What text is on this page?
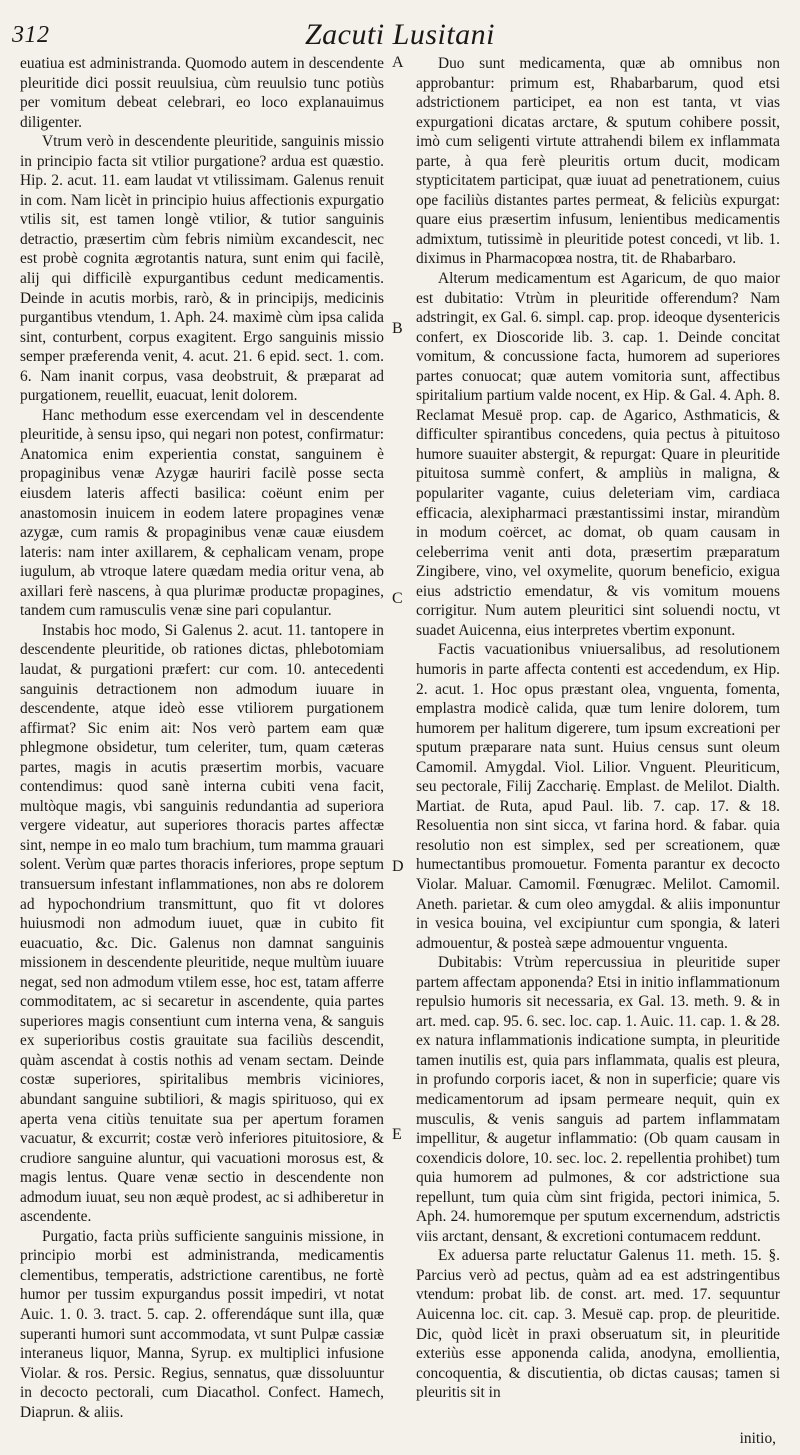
312	Zacuti Lusitani

euatiua est administranda. Quomodo autem in descendente pleuritide dici possit reuulsiua, cùm reuulsio tunc potiùs per vomitum debeat celebrari, eo loco explanauimus diligenter.

Vtrum verò in descendente pleuritide, sanguinis missio in principio facta sit vtilior purgatione? ardua est quæstio. Hip. 2. acut. 11. eam laudat vt vtilissimam. Galenus renuit in com. Nam licèt in principio huius affectionis expurgatio vtilis sit, est tamen longè vtilior, & tutior sanguinis detractio, præsertim cùm febris nimiùm excandescit, nec est probè cognita ægrotantis natura, sunt enim qui facilè, alij qui difficilè expurgantibus cedunt medicamentis. Deinde in acutis morbis, rarò, & in principijs, medicinis purgantibus vtendum, 1. Aph. 24. maximè cùm ipsa calida sint, conturbent, corpus exagitent. Ergo sanguinis missio semper præferenda venit, 4. acut. 21. 6 epid. sect. 1. com. 6. Nam inanit corpus, vasa deobstruit, & præparat ad purgationem, reuellit, euacuat, lenit dolorem.

Hanc methodum esse exercendam vel in descendente pleuritide, à sensu ipso, qui negari non potest, confirmatur: Anatomica enim experientia constat, sanguinem è propaginibus venæ Azygæ hauriri facilè posse secta eiusdem lateris affecti basilica: coëunt enim per anastomosin inuicem in eodem latere propagines venæ azygæ, cum ramis & propaginibus venæ cauæ eiusdem lateris: nam inter axillarem, & cephalicam venam, prope iugulum, ab vtroque latere quædam media oritur vena, ab axillari ferè nascens, à qua plurimæ productæ propagines, tandem cum ramusculis venæ sine pari copulantur.

Instabis hoc modo, Si Galenus 2. acut. 11. tantopere in descendente pleuritide, ob rationes dictas, phlebotomiam laudat, & purgationi præfert: cur com. 10. antecedenti sanguinis detractionem non admodum iuuare in descendente, atque ideò esse vtiliorem purgationem affirmat? Sic enim ait: Nos verò partem eam quæ phlegmone obsidetur, tum celeriter, tum, quam cæteras partes, magis in acutis præsertim morbis, vacuare contendimus: quod sanè interna cubiti vena facit, multòque magis, vbi sanguinis redundantia ad superiora vergere videatur, aut superiores thoracis partes affectæ sint, nempe in eo malo tum brachium, tum mamma grauari solent. Verùm quæ partes thoracis inferiores, prope septum transuersum infestant inflammationes, non abs re dolorem ad hypochondrium transmittunt, quo fit vt dolores huiusmodi non admodum iuuet, quæ in cubito fit euacuatio, &c. Dic. Galenus non damnat sanguinis missionem in descendente pleuritide, neque multùm iuuare negat, sed non admodum vtilem esse, hoc est, tatam afferre commoditatem, ac si secaretur in ascendente, quia partes superiores magis consentiunt cum interna vena, & sanguis ex superioribus costis grauitate sua faciliùs descendit, quàm ascendat à costis nothis ad venam sectam. Deinde costæ superiores, spiritalibus membris viciniores, abundant sanguine subtiliori, & magis spirituoso, qui ex aperta vena citiùs tenuitate sua per apertum foramen vacuatur, & excurrit; costæ verò inferiores pituitosiore, & crudiore sanguine aluntur, qui vacuationi morosus est, & magis lentus. Quare venæ sectio in descendente non admodum iuuat, seu non æquè prodest, ac si adhiberetur in ascendente.

Purgatio, facta priùs sufficiente sanguinis missione, in principio morbi est administranda, medicamentis clementibus, temperatis, adstrictione carentibus, ne fortè humor per tussim expurgandus possit impediri, vt notat Auic. 1. 0. 3. tract. 5. cap. 2. offerendáque sunt illa, quæ superanti humori sunt accommodata, vt sunt Pulpæ cassiæ interaneus liquor, Manna, Syrup. ex multiplici infusione Violar. & ros. Persic. Regius, sennatus, quæ dissoluuntur in decocto pectorali, cum Diacathol. Confect. Hamech, Diaprun. & aliis.

A
B
C
D
E

Duo sunt medicamenta, quæ ab omnibus non approbantur: primum est, Rhabarbarum, quod etsi adstrictionem participet, ea non est tanta, vt vias expurgationi dicatas arctare, & sputum cohibere possit, imò cum seligenti virtute attrahendi bilem ex inflammata parte, à qua ferè pleuritis ortum ducit, modicam stypticitatem participat, quæ iuuat ad penetrationem, cuius ope faciliùs distantes partes permeat, & feliciùs expurgat: quare eius præsertim infusum, lenientibus medicamentis admixtum, tutissimè in pleuritide potest concedi, vt lib. 1. diximus in Pharmacopœa nostra, tit. de Rhabarbaro.

Alterum medicamentum est Agaricum, de quo maior est dubitatio: Vtrùm in pleuritide offerendum? Nam adstringit, ex Gal. 6. simpl. cap. prop. ideoque dysentericis confert, ex Dioscoride lib. 3. cap. 1. Deinde concitat vomitum, & concussione facta, humorem ad superiores partes conuocat; quæ autem vomitoria sunt, affectibus spiritalium partium valde nocent, ex Hip. & Gal. 4. Aph. 8. Reclamat Mesuë prop. cap. de Agarico, Asthmaticis, & difficulter spirantibus concedens, quia pectus à pituitoso humore suauiter abstergit, & repurgat: Quare in pleuritide pituitosa summè confert, & ampliùs in maligna, & populariter vagante, cuius deleteriam vim, cardiaca efficacia, alexipharmaci præstantissimi instar, mirandùm in modum coërcet, ac domat, ob quam causam in celeberrima venit anti dota, præsertim præparatum Zingibere, vino, vel oxymelite, quorum beneficio, exigua eius adstrictio emendatur, & vis vomitum mouens corrigitur. Num autem pleuritici sint soluendi noctu, vt suadet Auicenna, eius interpretes vbertim exponunt.

Factis vacuationibus vniuersalibus, ad resolutionem humoris in parte affecta contenti est accedendum, ex Hip. 2. acut. 1. Hoc opus præstant olea, vnguenta, fomenta, emplastra modicè calida, quæ tum lenire dolorem, tum humorem per halitum digerere, tum ipsum excreationi per sputum præparare nata sunt. Huius census sunt oleum Camomil. Amygdal. Viol. Lilior. Vnguent. Pleuriticum, seu pectorale, Filij Zaccharię. Emplast. de Melilot. Dialth. Martiat. de Ruta, apud Paul. lib. 7. cap. 17. & 18. Resoluentia non sint sicca, vt farina hord. & fabar. quia resolutio non est simplex, sed per screationem, quæ humectantibus promouetur. Fomenta parantur ex decocto Violar. Maluar. Camomil. Fœnugræc. Melilot. Camomil. Aneth. parietar. & cum oleo amygdal. & aliis imponuntur in vesica bouina, vel excipiuntur cum spongia, & lateri admouentur, & posteà sæpe admouentur vnguenta.

Dubitabis: Vtrùm repercussiua in pleuritide super partem affectam apponenda? Etsi in initio inflammationum repulsio humoris sit necessaria, ex Gal. 13. meth. 9. & in art. med. cap. 95. 6. sec. loc. cap. 1. Auic. 11. cap. 1. & 28. ex natura inflammationis indicatione sumpta, in pleuritide tamen inutilis est, quia pars inflammata, qualis est pleura, in profundo corporis iacet, & non in superficie; quare vis medicamentorum ad ipsam permeare nequit, quin ex musculis, & venis sanguis ad partem inflammatam impellitur, & augetur inflammatio: (Ob quam causam in coxendicis dolore, 10. sec. loc. 2. repellentia prohibet) tum quia humorem ad pulmones, & cor adstrictione sua repellunt, tum quia cùm sint frigida, pectori inimica, 5. Aph. 24. humoremque per sputum excernendum, adstrictis viis arctant, densant, & excretioni contumacem reddunt.

Ex aduersa parte reluctatur Galenus 11. meth. 15. §. Parcius verò ad pectus, quàm ad ea est adstringentibus vtendum: probat lib. de const. art. med. 17. sequuntur Auicenna loc. cit. cap. 3. Mesuë cap. prop. de pleuritide. Dic, quòd licèt in praxi obseruatum sit, in pleuritide exteriùs esse apponenda calida, anodyna, emollientia, concoquentia, & discutientia, ob dictas causas; tamen si pleuritis sit in

initio,
